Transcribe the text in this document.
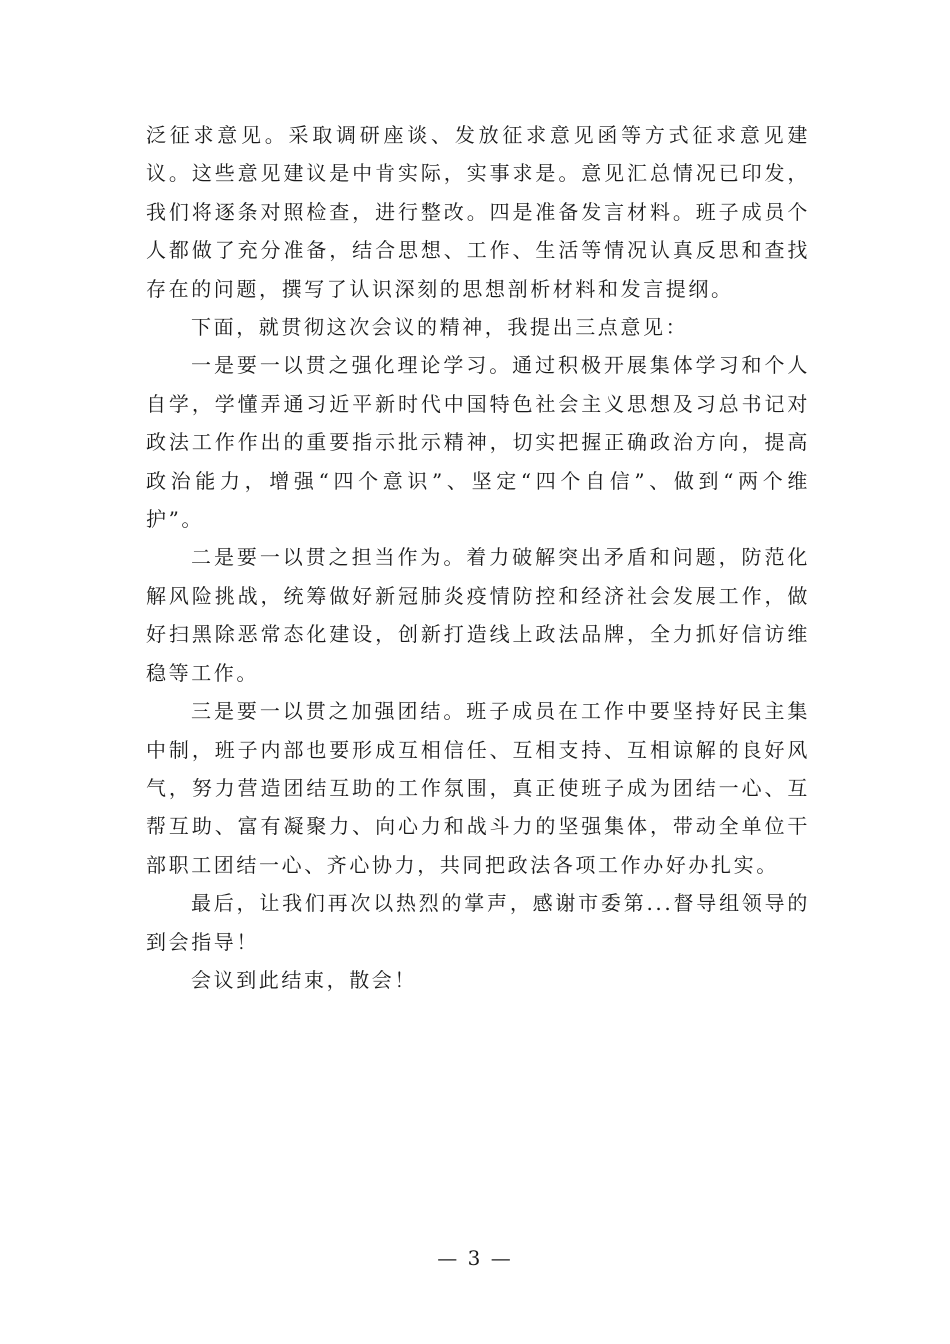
泛征求意见。采取调研座谈、发放征求意见函等方式征求意见建议。这些意见建议是中肯实际，实事求是。意见汇总情况已印发，我们将逐条对照检查，进行整改。四是准备发言材料。班子成员个人都做了充分准备，结合思想、工作、生活等情况认真反思和查找存在的问题，撰写了认识深刻的思想剖析材料和发言提纲。

下面，就贯彻这次会议的精神，我提出三点意见：

一是要一以贯之强化理论学习。通过积极开展集体学习和个人自学，学懂弄通习近平新时代中国特色社会主义思想及习总书记对政法工作作出的重要指示批示精神，切实把握正确政治方向，提高政治能力，增强“四个意识”、坚定“四个自信”、做到“两个维护”。

二是要一以贯之担当作为。着力破解突出矛盾和问题，防范化解风险挑战，统筹做好新冠肺炎疫情防控和经济社会发展工作，做好扫黑除恶常态化建设，创新打造线上政法品牌，全力抓好信访维稳等工作。

三是要一以贯之加强团结。班子成员在工作中要坚持好民主集中制，班子内部也要形成互相信任、互相支持、互相谅解的良好风气，努力营造团结互助的工作氛围，真正使班子成为团结一心、互帮互助、富有凝聚力、向心力和战斗力的坚强集体，带动全单位干部职工团结一心、齐心协力，共同把政法各项工作办好办扎实。

最后，让我们再次以热烈的掌声，感谢市委第...督导组领导的到会指导！

会议到此结束，散会！

— 3 —
